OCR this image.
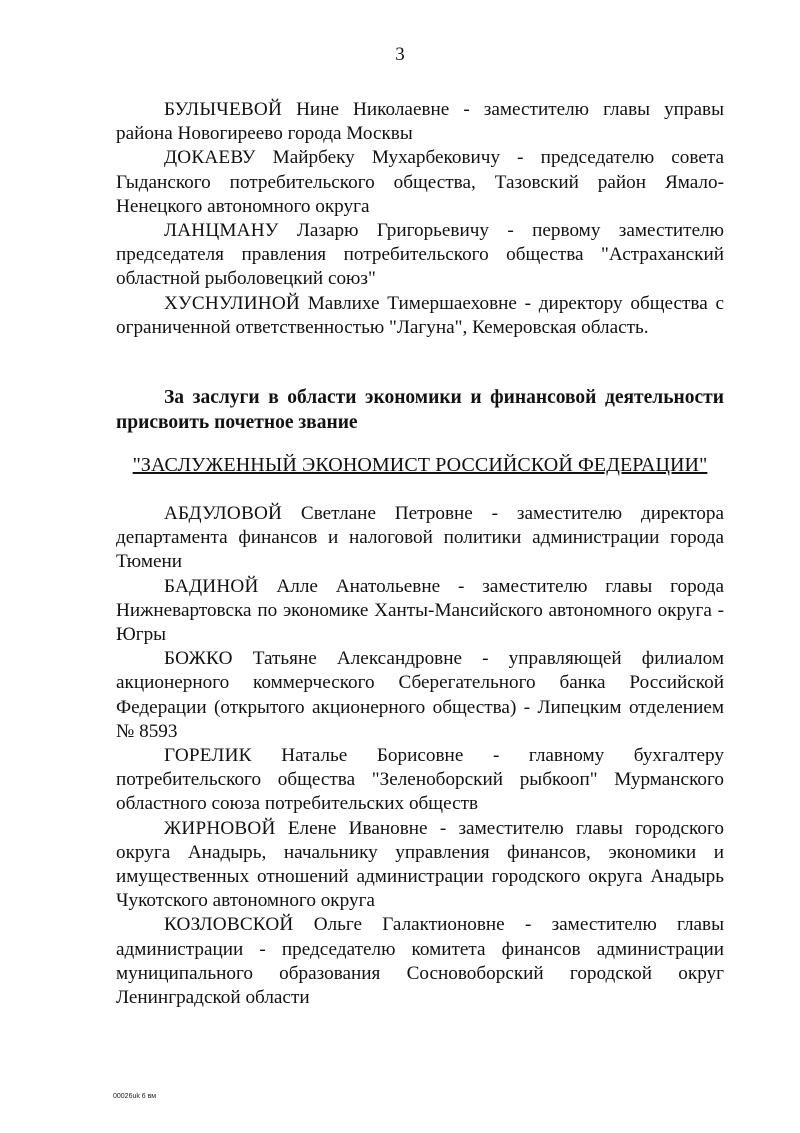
3

БУЛЫЧЕВОЙ Нине Николаевне - заместителю главы управы района Новогиреево города Москвы

ДОКАЕВУ Майрбеку Мухарбековичу - председателю совета Гыданского потребительского общества, Тазовский район Ямало-Ненецкого автономного округа

ЛАНЦМАНУ Лазарю Григорьевичу - первому заместителю председателя правления потребительского общества "Астраханский областной рыболовецкий союз"

ХУСНУЛИНОЙ Мавлихе Тимершаеховне - директору общества с ограниченной ответственностью "Лагуна", Кемеровская область.

За заслуги в области экономики и финансовой деятельности присвоить почетное звание
"ЗАСЛУЖЕННЫЙ ЭКОНОМИСТ РОССИЙСКОЙ ФЕДЕРАЦИИ"

АБДУЛОВОЙ Светлане Петровне - заместителю директора департамента финансов и налоговой политики администрации города Тюмени

БАДИНОЙ Алле Анатольевне - заместителю главы города Нижневартовска по экономике Ханты-Мансийского автономного округа - Югры

БОЖКО Татьяне Александровне - управляющей филиалом акционерного коммерческого Сберегательного банка Российской Федерации (открытого акционерного общества) - Липецким отделением № 8593

ГОРЕЛИК Наталье Борисовне - главному бухгалтеру потребительского общества "Зеленоборский рыбкооп" Мурманского областного союза потребительских обществ

ЖИРНОВОЙ Елене Ивановне - заместителю главы городского округа Анадырь, начальнику управления финансов, экономики и имущественных отношений администрации городского округа Анадырь Чукотского автономного округа

КОЗЛОВСКОЙ Ольге Галактионовне - заместителю главы администрации - председателю комитета финансов администрации муниципального образования Сосновоборский городской округ Ленинградской области

00026uk 6 вм
